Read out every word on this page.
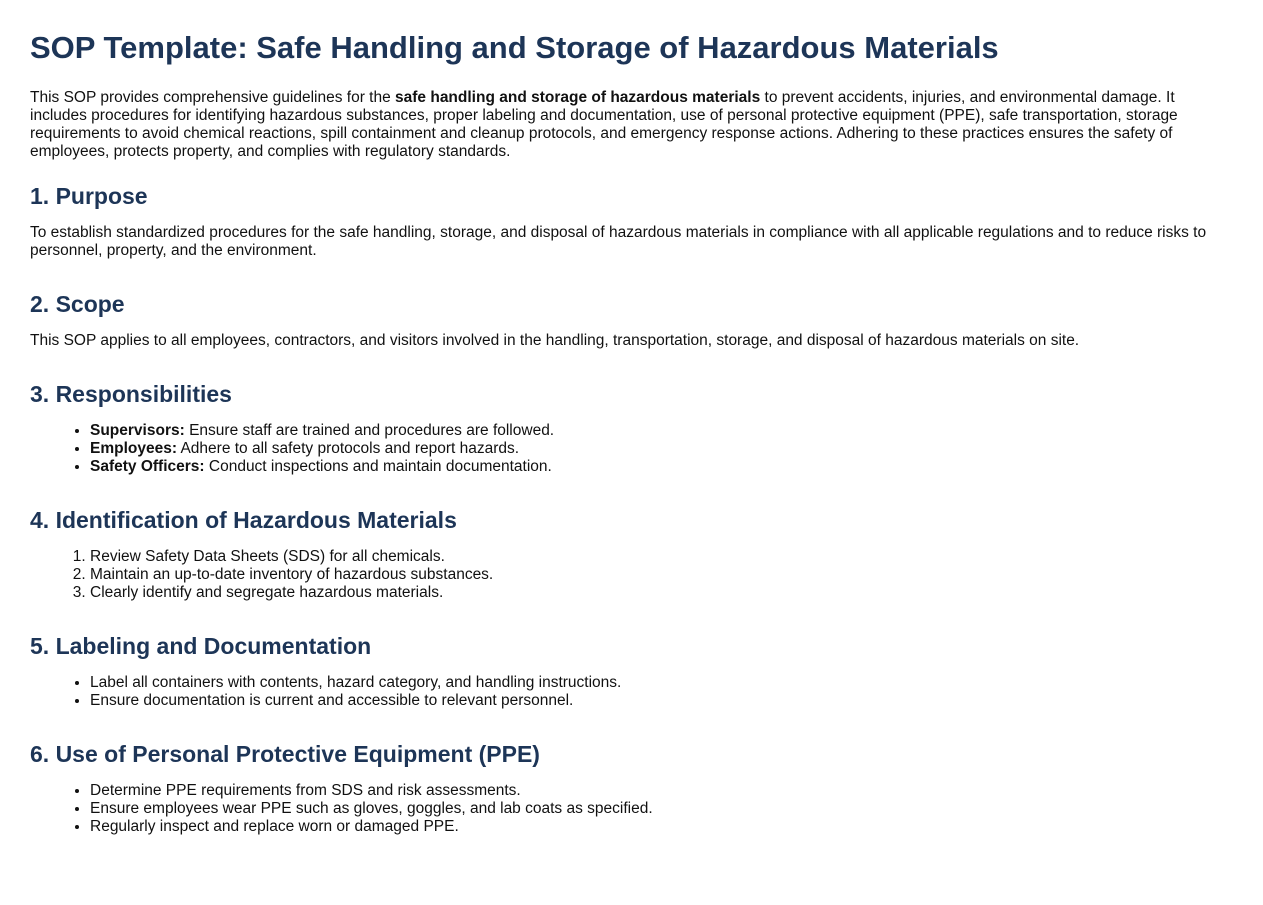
SOP Template: Safe Handling and Storage of Hazardous Materials

This SOP provides comprehensive guidelines for the safe handling and storage of hazardous materials to prevent accidents, injuries, and environmental damage. It includes procedures for identifying hazardous substances, proper labeling and documentation, use of personal protective equipment (PPE), safe transportation, storage requirements to avoid chemical reactions, spill containment and cleanup protocols, and emergency response actions. Adhering to these practices ensures the safety of employees, protects property, and complies with regulatory standards.

1. Purpose

To establish standardized procedures for the safe handling, storage, and disposal of hazardous materials in compliance with all applicable regulations and to reduce risks to personnel, property, and the environment.

2. Scope

This SOP applies to all employees, contractors, and visitors involved in the handling, transportation, storage, and disposal of hazardous materials on site.

3. Responsibilities
• Supervisors: Ensure staff are trained and procedures are followed.
• Employees: Adhere to all safety protocols and report hazards.
• Safety Officers: Conduct inspections and maintain documentation.
4. Identification of Hazardous Materials
1. Review Safety Data Sheets (SDS) for all chemicals.
2. Maintain an up-to-date inventory of hazardous substances.
3. Clearly identify and segregate hazardous materials.
5. Labeling and Documentation
• Label all containers with contents, hazard category, and handling instructions.
• Ensure documentation is current and accessible to relevant personnel.
6. Use of Personal Protective Equipment (PPE)
• Determine PPE requirements from SDS and risk assessments.
• Ensure employees wear PPE such as gloves, goggles, and lab coats as specified.
• Regularly inspect and replace worn or damaged PPE.
